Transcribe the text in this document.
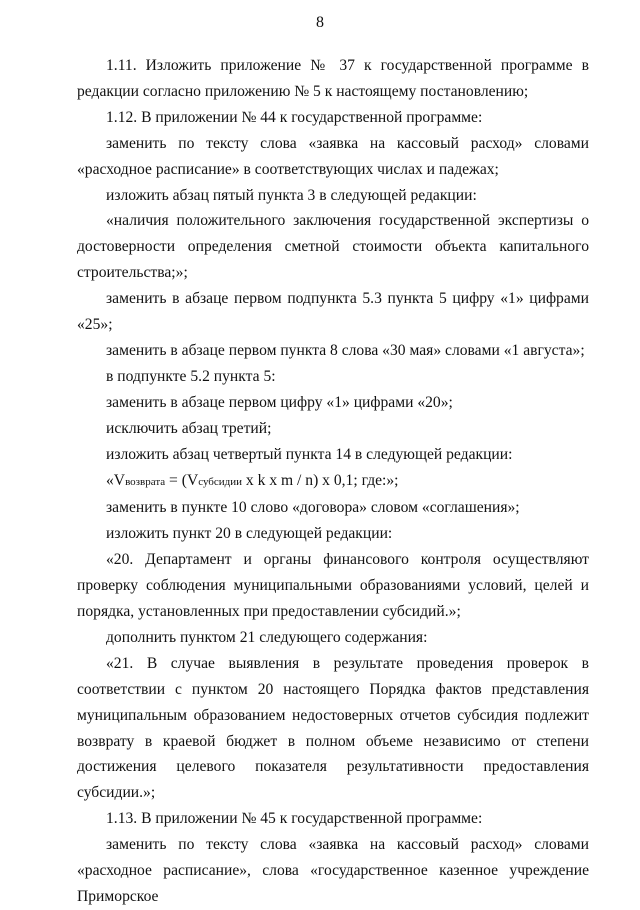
8

1.11. Изложить приложение № 37 к государственной программе в редакции согласно приложению № 5 к настоящему постановлению;

1.12. В приложении № 44 к государственной программе:

заменить по тексту слова «заявка на кассовый расход» словами «расходное расписание» в соответствующих числах и падежах;

изложить абзац пятый пункта 3 в следующей редакции:

«наличия положительного заключения государственной экспертизы о достоверности определения сметной стоимости объекта капитального строительства;»;

заменить в абзаце первом подпункта 5.3 пункта 5 цифру «1» цифрами «25»;

заменить в абзаце первом пункта 8 слова «30 мая» словами «1 августа»;

в подпункте 5.2 пункта 5:

заменить в абзаце первом цифру «1» цифрами «20»;

исключить абзац третий;

изложить абзац четвертый пункта 14 в следующей редакции:

«Vвозврата = (Vсубсидии x k x m / n) x 0,1; где:»;

заменить в пункте 10 слово «договора» словом «соглашения»;

изложить пункт 20 в следующей редакции:

«20. Департамент и органы финансового контроля осуществляют проверку соблюдения муниципальными образованиями условий, целей и порядка, установленных при предоставлении субсидий.»;

дополнить пунктом 21 следующего содержания:

«21. В случае выявления в результате проведения проверок в соответствии с пунктом 20 настоящего Порядка фактов представления муниципальным образованием недостоверных отчетов субсидия подлежит возврату в краевой бюджет в полном объеме независимо от степени достижения целевого показателя результативности предоставления субсидии.»;

1.13. В приложении № 45 к государственной программе:

заменить по тексту слова «заявка на кассовый расход» словами «расходное расписание», слова «государственное казенное учреждение Приморское
